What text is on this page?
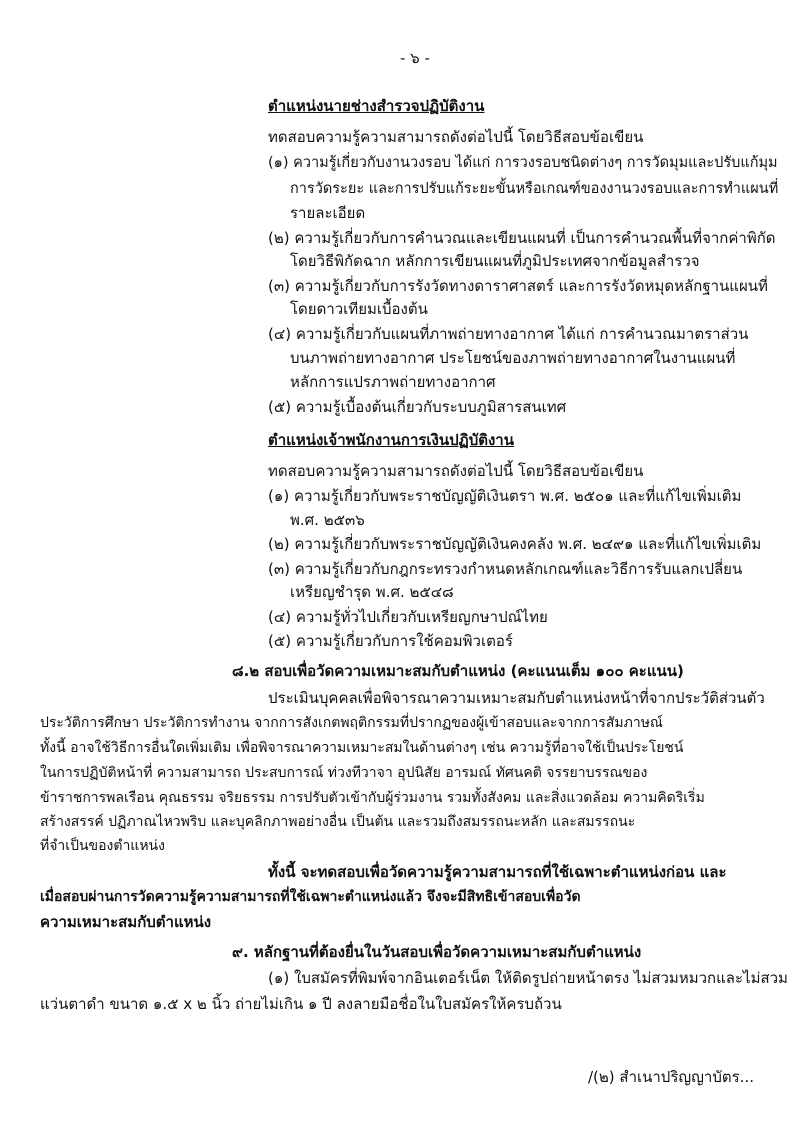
- ๖ -
ตำแหน่งนายช่างสำรวจปฏิบัติงาน
ทดสอบความรู้ความสามารถดังต่อไปนี้ โดยวิธีสอบข้อเขียน
(๑) ความรู้เกี่ยวกับงานวงรอบ ได้แก่ การวงรอบชนิดต่างๆ การวัดมุมและปรับแก้มุม
การวัดระยะ และการปรับแก้ระยะขั้นหรือเกณฑ์ของงานวงรอบและการทำแผนที่
รายละเอียด
(๒) ความรู้เกี่ยวกับการคำนวณและเขียนแผนที่ เป็นการคำนวณพื้นที่จากค่าพิกัด
โดยวิธีพิกัดฉาก หลักการเขียนแผนที่ภูมิประเทศจากข้อมูลสำรวจ
(๓) ความรู้เกี่ยวกับการรังวัดทางดาราศาสตร์ และการรังวัดหมุดหลักฐานแผนที่
โดยดาวเทียมเบื้องต้น
(๔) ความรู้เกี่ยวกับแผนที่ภาพถ่ายทางอากาศ ได้แก่ การคำนวณมาตราส่วน
บนภาพถ่ายทางอากาศ ประโยชน์ของภาพถ่ายทางอากาศในงานแผนที่
หลักการแปรภาพถ่ายทางอากาศ
(๕) ความรู้เบื้องต้นเกี่ยวกับระบบภูมิสารสนเทศ
ตำแหน่งเจ้าพนักงานการเงินปฏิบัติงาน
ทดสอบความรู้ความสามารถดังต่อไปนี้ โดยวิธีสอบข้อเขียน
(๑) ความรู้เกี่ยวกับพระราชบัญญัติเงินตรา พ.ศ. ๒๕๐๑ และที่แก้ไขเพิ่มเติม
พ.ศ. ๒๕๓๖
(๒) ความรู้เกี่ยวกับพระราชบัญญัติเงินคงคลัง พ.ศ. ๒๔๙๑ และที่แก้ไขเพิ่มเติม
(๓) ความรู้เกี่ยวกับกฎกระทรวงกำหนดหลักเกณฑ์และวิธีการรับแลกเปลี่ยน
เหรียญชำรุด พ.ศ. ๒๕๔๘
(๔) ความรู้ทั่วไปเกี่ยวกับเหรียญกษาปณ์ไทย
(๕) ความรู้เกี่ยวกับการใช้คอมพิวเตอร์
๘.๒ สอบเพื่อวัดความเหมาะสมกับตำแหน่ง (คะแนนเต็ม ๑๐๐ คะแนน)
ประเมินบุคคลเพื่อพิจารณาความเหมาะสมกับตำแหน่งหน้าที่จากประวัติส่วนตัว
ประวัติการศึกษา ประวัติการทำงาน จากการสังเกตพฤติกรรมที่ปรากฏของผู้เข้าสอบและจากการสัมภาษณ์
ทั้งนี้ อาจใช้วิธีการอื่นใดเพิ่มเติม เพื่อพิจารณาความเหมาะสมในด้านต่างๆ เช่น ความรู้ที่อาจใช้เป็นประโยชน์
ในการปฏิบัติหน้าที่ ความสามารถ ประสบการณ์ ท่วงทีวาจา อุปนิสัย อารมณ์ ทัศนคติ จรรยาบรรณของ
ข้าราชการพลเรือน คุณธรรม จริยธรรม การปรับตัวเข้ากับผู้ร่วมงาน รวมทั้งสังคม และสิ่งแวดล้อม ความคิดริเริ่ม
สร้างสรรค์ ปฏิภาณไหวพริบ และบุคลิกภาพอย่างอื่น เป็นต้น และรวมถึงสมรรถนะหลัก และสมรรถนะ
ที่จำเป็นของตำแหน่ง
ทั้งนี้ จะทดสอบเพื่อวัดความรู้ความสามารถที่ใช้เฉพาะตำแหน่งก่อน และ
เมื่อสอบผ่านการวัดความรู้ความสามารถที่ใช้เฉพาะตำแหน่งแล้ว จึงจะมีสิทธิเข้าสอบเพื่อวัด
ความเหมาะสมกับตำแหน่ง
๙. หลักฐานที่ต้องยื่นในวันสอบเพื่อวัดความเหมาะสมกับตำแหน่ง
(๑) ใบสมัครที่พิมพ์จากอินเตอร์เน็ต ให้ติดรูปถ่ายหน้าตรง ไม่สวมหมวกและไม่สวม
แว่นตาดำ ขนาด ๑.๕ x ๒ นิ้ว ถ่ายไม่เกิน ๑ ปี ลงลายมือชื่อในใบสมัครให้ครบถ้วน
/(๒) สำเนาปริญญาบัตร...
